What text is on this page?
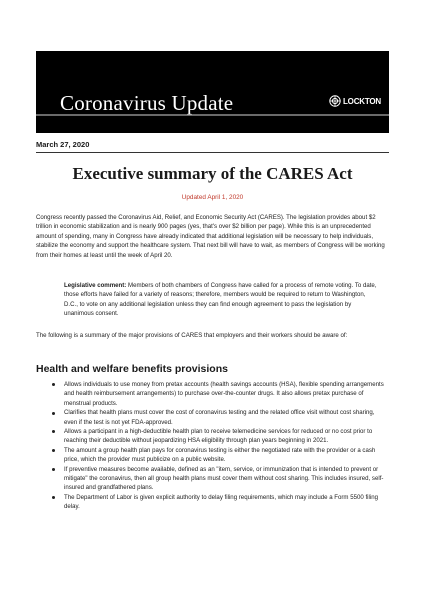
Coronavirus Update	LOCKTON
March 27, 2020
Executive summary of the CARES Act
Updated April 1, 2020

Congress recently passed the Coronavirus Aid, Relief, and Economic Security Act (CARES). The legislation provides about $2 trillion in economic stabilization and is nearly 900 pages (yes, that's over $2 billion per page). While this is an unprecedented amount of spending, many in Congress have already indicated that additional legislation will be necessary to help individuals, stabilize the economy and support the healthcare system. That next bill will have to wait, as members of Congress will be working from their homes at least until the week of April 20.

Legislative comment: Members of both chambers of Congress have called for a process of remote voting. To date, those efforts have failed for a variety of reasons; therefore, members would be required to return to Washington, D.C., to vote on any additional legislation unless they can find enough agreement to pass the legislation by unanimous consent.

The following is a summary of the major provisions of CARES that employers and their workers should be aware of:

Health and welfare benefits provisions
Allows individuals to use money from pretax accounts (health savings accounts (HSA), flexible spending arrangements and health reimbursement arrangements) to purchase over-the-counter drugs. It also allows pretax purchase of menstrual products.
Clarifies that health plans must cover the cost of coronavirus testing and the related office visit without cost sharing, even if the test is not yet FDA-approved.
Allows a participant in a high-deductible health plan to receive telemedicine services for reduced or no cost prior to reaching their deductible without jeopardizing HSA eligibility through plan years beginning in 2021.
The amount a group health plan pays for coronavirus testing is either the negotiated rate with the provider or a cash price, which the provider must publicize on a public website.
If preventive measures become available, defined as an "item, service, or immunization that is intended to prevent or mitigate" the coronavirus, then all group health plans must cover them without cost sharing. This includes insured, self-insured and grandfathered plans.
The Department of Labor is given explicit authority to delay filing requirements, which may include a Form 5500 filing delay.
